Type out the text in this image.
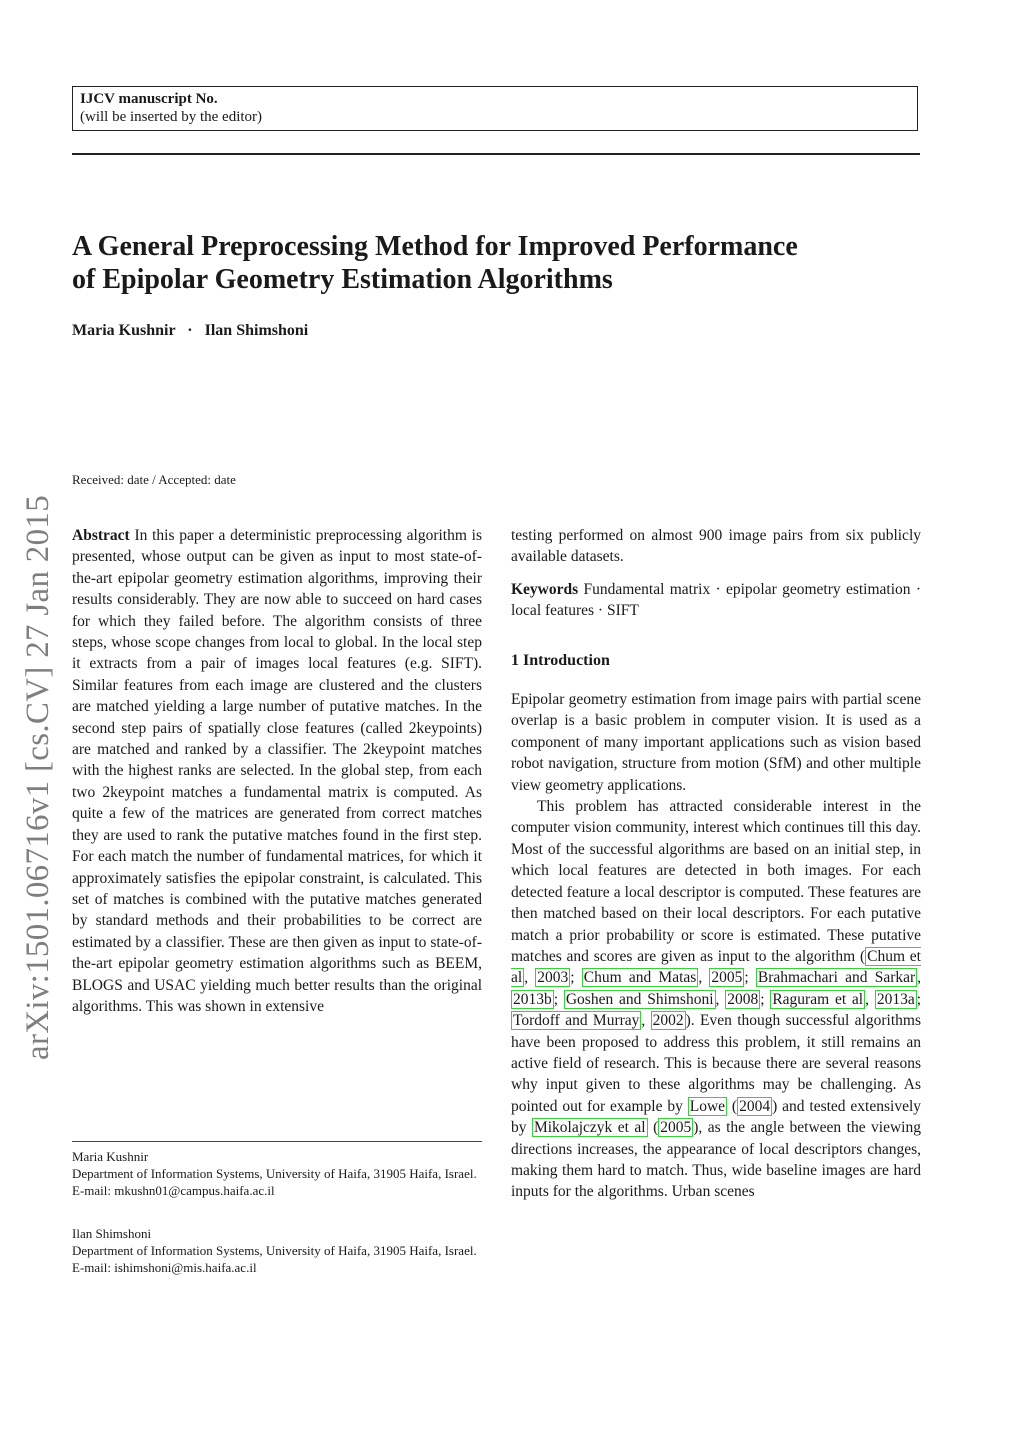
IJCV manuscript No.
(will be inserted by the editor)
A General Preprocessing Method for Improved Performance
of Epipolar Geometry Estimation Algorithms
Maria Kushnir · Ilan Shimshoni
arXiv:1501.06716v1 [cs.CV] 27 Jan 2015
Received: date / Accepted: date

Abstract In this paper a deterministic preprocessing algorithm is presented, whose output can be given as input to most state-of-the-art epipolar geometry estimation algorithms, improving their results considerably. They are now able to succeed on hard cases for which they failed before. The algorithm consists of three steps, whose scope changes from local to global. In the local step it extracts from a pair of images local features (e.g. SIFT). Similar features from each image are clustered and the clusters are matched yielding a large number of putative matches. In the second step pairs of spatially close features (called 2keypoints) are matched and ranked by a classifier. The 2keypoint matches with the highest ranks are selected. In the global step, from each two 2keypoint matches a fundamental matrix is computed. As quite a few of the matrices are generated from correct matches they are used to rank the putative matches found in the first step. For each match the number of fundamental matrices, for which it approximately satisfies the epipolar constraint, is calculated. This set of matches is combined with the putative matches generated by standard methods and their probabilities to be correct are estimated by a classifier. These are then given as input to state-of-the-art epipolar geometry estimation algorithms such as BEEM, BLOGS and USAC yielding much better results than the original algorithms. This was shown in extensive

testing performed on almost 900 image pairs from six publicly available datasets.

Keywords Fundamental matrix · epipolar geometry estimation · local features · SIFT

1 Introduction

Epipolar geometry estimation from image pairs with partial scene overlap is a basic problem in computer vision. It is used as a component of many important applications such as vision based robot navigation, structure from motion (SfM) and other multiple view geometry applications.

This problem has attracted considerable interest in the computer vision community, interest which continues till this day. Most of the successful algorithms are based on an initial step, in which local features are detected in both images. For each detected feature a local descriptor is computed. These features are then matched based on their local descriptors. For each putative match a prior probability or score is estimated. These putative matches and scores are given as input to the algorithm ( Chum et al , 2003 ; Chum and Matas , 2005 ; Brahmachari and Sarkar , 2013b ; Goshen and Shimshoni , 2008 ; Raguram et al , 2013a ; Tordoff and Murray , 2002 ). Even though successful algorithms have been proposed to address this problem, it still remains an active field of research. This is because there are several reasons why input given to these algorithms may be challenging. As pointed out for example by Lowe ( 2004 ) and tested extensively by Mikolajczyk et al ( 2005 ), as the angle between the viewing directions increases, the appearance of local descriptors changes, making them hard to match. Thus, wide baseline images are hard inputs for the algorithms. Urban scenes

Maria Kushnir
Department of Information Systems, University of Haifa, 31905 Haifa, Israel.
E-mail: mkushn01@campus.haifa.ac.il
Ilan Shimshoni
Department of Information Systems, University of Haifa, 31905 Haifa, Israel.
E-mail: ishimshoni@mis.haifa.ac.il
